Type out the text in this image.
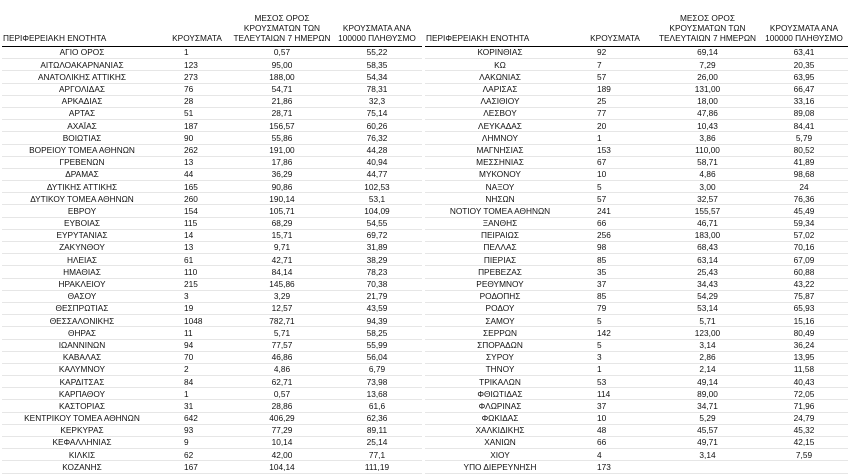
ΠΕΡΙΦΕΡΕΙΑΚΗ ΕΝΟΤΗΤΑ	ΚΡΟΥΣΜΑΤΑ	ΜΕΣΟΣ ΟΡΟΣ ΚΡΟΥΣΜΑΤΩΝ ΤΩΝ ΤΕΛΕΥΤΑΙΩΝ 7 ΗΜΕΡΩΝ	ΚΡΟΥΣΜΑΤΑ ΑΝΑ 100000 ΠΛΗΘΥΣΜΟ
ΑΓΙΟ ΟΡΟΣ	1	0,57	55,22
ΑΙΤΩΛΟΑΚΑΡΝΑΝΙΑΣ	123	95,00	58,35
ΑΝΑΤΟΛΙΚΗΣ ΑΤΤΙΚΗΣ	273	188,00	54,34
ΑΡΓΟΛΙΔΑΣ	76	54,71	78,31
ΑΡΚΑΔΙΑΣ	28	21,86	32,3
ΑΡΤΑΣ	51	28,71	75,14
ΑΧΑΪΑΣ	187	156,57	60,26
ΒΟΙΩΤΙΑΣ	90	55,86	76,32
ΒΟΡΕΙΟΥ ΤΟΜΕΑ ΑΘΗΝΩΝ	262	191,00	44,28
ΓΡΕΒΕΝΩΝ	13	17,86	40,94
ΔΡΑΜΑΣ	44	36,29	44,77
ΔΥΤΙΚΗΣ ΑΤΤΙΚΗΣ	165	90,86	102,53
ΔΥΤΙΚΟΥ ΤΟΜΕΑ ΑΘΗΝΩΝ	260	190,14	53,1
ΕΒΡΟΥ	154	105,71	104,09
ΕΥΒΟΙΑΣ	115	68,29	54,55
ΕΥΡΥΤΑΝΙΑΣ	14	15,71	69,72
ΖΑΚΥΝΘΟΥ	13	9,71	31,89
ΗΛΕΙΑΣ	61	42,71	38,29
ΗΜΑΘΙΑΣ	110	84,14	78,23
ΗΡΑΚΛΕΙΟΥ	215	145,86	70,38
ΘΑΣΟΥ	3	3,29	21,79
ΘΕΣΠΡΩΤΙΑΣ	19	12,57	43,59
ΘΕΣΣΑΛΟΝΙΚΗΣ	1048	782,71	94,39
ΘΗΡΑΣ	11	5,71	58,25
ΙΩΑΝΝΙΝΩΝ	94	77,57	55,99
ΚΑΒΑΛΑΣ	70	46,86	56,04
ΚΑΛΥΜΝΟΥ	2	4,86	6,79
ΚΑΡΔΙΤΣΑΣ	84	62,71	73,98
ΚΑΡΠΑΘΟΥ	1	0,57	13,68
ΚΑΣΤΟΡΙΑΣ	31	28,86	61,6
ΚΕΝΤΡΙΚΟΥ ΤΟΜΕΑ ΑΘΗΝΩΝ	642	406,29	62,36
ΚΕΡΚΥΡΑΣ	93	77,29	89,11
ΚΕΦΑΛΛΗΝΙΑΣ	9	10,14	25,14
ΚΙΛΚΙΣ	62	42,00	77,1
ΚΟΖΑΝΗΣ	167	104,14	111,19
ΠΕΡΙΦΕΡΕΙΑΚΗ ΕΝΟΤΗΤΑ	ΚΡΟΥΣΜΑΤΑ	ΜΕΣΟΣ ΟΡΟΣ ΚΡΟΥΣΜΑΤΩΝ ΤΩΝ ΤΕΛΕΥΤΑΙΩΝ 7 ΗΜΕΡΩΝ	ΚΡΟΥΣΜΑΤΑ ΑΝΑ 100000 ΠΛΗΘΥΣΜΟ
ΚΟΡΙΝΘΙΑΣ	92	69,14	63,41
ΚΩ	7	7,29	20,35
ΛΑΚΩΝΙΑΣ	57	26,00	63,95
ΛΑΡΙΣΑΣ	189	131,00	66,47
ΛΑΣΙΘΙΟΥ	25	18,00	33,16
ΛΕΣΒΟΥ	77	47,86	89,08
ΛΕΥΚΑΔΑΣ	20	10,43	84,41
ΛΗΜΝΟΥ	1	3,86	5,79
ΜΑΓΝΗΣΙΑΣ	153	110,00	80,52
ΜΕΣΣΗΝΙΑΣ	67	58,71	41,89
ΜΥΚΟΝΟΥ	10	4,86	98,68
ΝΑΞΟΥ	5	3,00	24
ΝΗΣΩΝ	57	32,57	76,36
ΝΟΤΙΟΥ ΤΟΜΕΑ ΑΘΗΝΩΝ	241	155,57	45,49
ΞΑΝΘΗΣ	66	46,71	59,34
ΠΕΙΡΑΙΩΣ	256	183,00	57,02
ΠΕΛΛΑΣ	98	68,43	70,16
ΠΙΕΡΙΑΣ	85	63,14	67,09
ΠΡΕΒΕΖΑΣ	35	25,43	60,88
ΡΕΘΥΜΝΟΥ	37	34,43	43,22
ΡΟΔΟΠΗΣ	85	54,29	75,87
ΡΟΔΟΥ	79	53,14	65,93
ΣΑΜΟΥ	5	5,71	15,16
ΣΕΡΡΩΝ	142	123,00	80,49
ΣΠΟΡΑΔΩΝ	5	3,14	36,24
ΣΥΡΟΥ	3	2,86	13,95
ΤΗΝΟΥ	1	2,14	11,58
ΤΡΙΚΑΛΩΝ	53	49,14	40,43
ΦΘΙΩΤΙΔΑΣ	114	89,00	72,05
ΦΛΩΡΙΝΑΣ	37	34,71	71,96
ΦΩΚΙΔΑΣ	10	5,29	24,79
ΧΑΛΚΙΔΙΚΗΣ	48	45,57	45,32
ΧΑΝΙΩΝ	66	49,71	42,15
ΧΙΟΥ	4	3,14	7,59
ΥΠΟ ΔΙΕΡΕΥΝΗΣΗ	173		
